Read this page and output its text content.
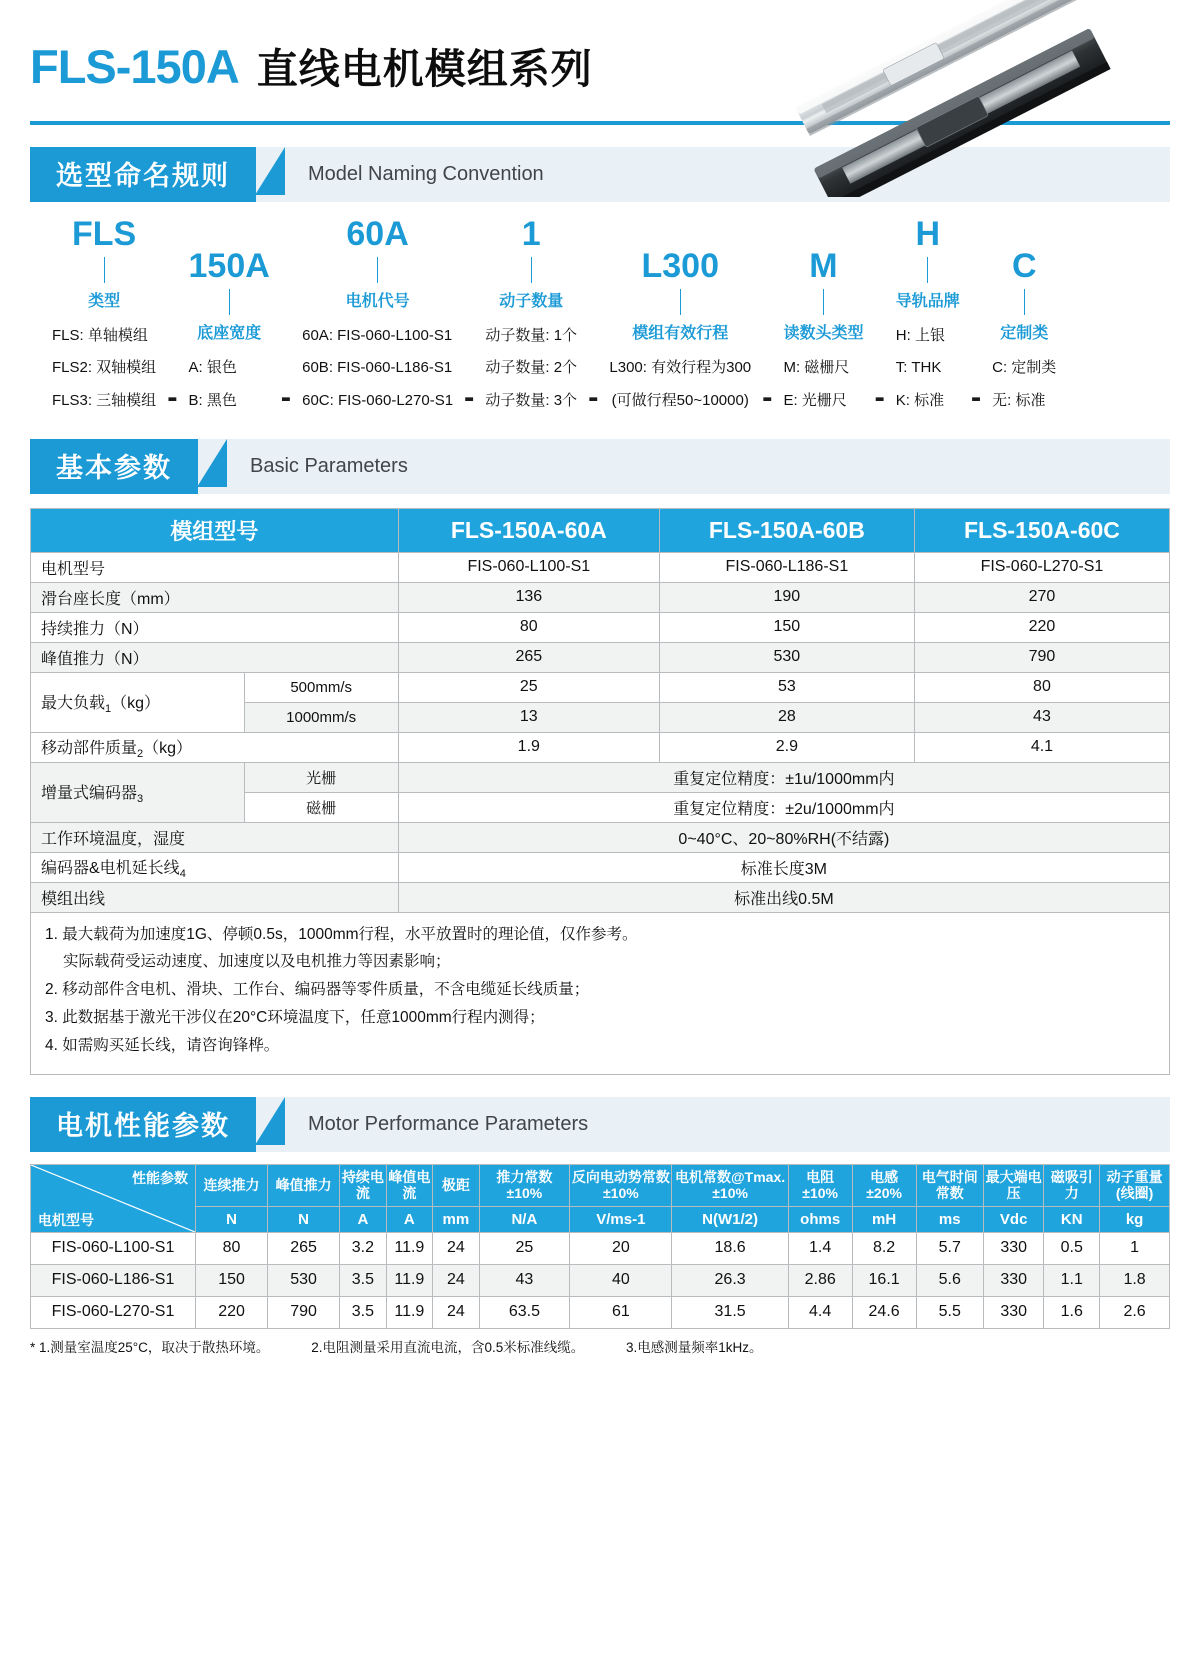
FLS-150A 直线电机模组系列
选型命名规则	Model Naming Convention
FLS
类型
FLS: 单轴模组
FLS2: 双轴模组
FLS3: 三轴模组 -
150A
底座宽度
A: 银色
B: 黑色	-
60A
电机代号
60A: FIS-060-L100-S1
60B: FIS-060-L186-S1
60C: FIS-060-L270-S1 -
1
动子数量
动子数量: 1个
动子数量: 2个
动子数量: 3个 -
L300
模组有效行程
L300: 有效行程为300
(可做行程50~10000) -
M
读数头类型
M: 磁栅尺
E: 光栅尺 -
H
导轨品牌
H: 上银
T: THK
K: 标准 -
C
定制类
C: 定制类
无: 标准
基本参数	Basic Parameters
模组型号		FLS-150A-60A	FLS-150A-60B	FLS-150A-60C
电机型号		FIS-060-L100-S1	FIS-060-L186-S1	FIS-060-L270-S1
滑台座长度（mm）		136	190	270
持续推力（N）		80	150	220
峰值推力（N）		265	530	790
最大负载$_1$（kg）	500mm/s	25	53	80
	1000mm/s	13	28	43
移动部件质量$_2$（kg）		1.9	2.9	4.1
增量式编码器$_3$	光栅	重复定位精度：±1u/1000mm内		
	磁栅	重复定位精度：±2u/1000mm内		
工作环境温度，湿度		0~40°C、20~80%RH(不结露)		
编码器&电机延长线$_4$		标准长度3M		
模组出线		标准出线0.5M		

1. 最大载荷为加速度1G、停顿0.5s，1000mm行程，水平放置时的理论值，仅作参考。

实际载荷受运动速度、加速度以及电机推力等因素影响；

2. 移动部件含电机、滑块、工作台、编码器等零件质量，不含电缆延长线质量；

3. 此数据基于激光干涉仪在20°C环境温度下，任意1000mm行程内测得；

4. 如需购买延长线，请咨询锋桦。

电机性能参数	Motor Performance Parameters
性能参数
电机型号	连续推力	峰值推力	持续电流	峰值电流	极距	推力常数±10%	反向电动势常数±10%	电机常数@Tmax.±10%	电阻±10%	电感±20%	电气时间常数	最大端电压	磁吸引力	动子重量(线圈)
	N	N	A	A	mm	N/A	V/ms-1	N(W1/2)	ohms	mH	ms	Vdc	KN	kg
FIS-060-L100-S1	80	265	3.2	11.9	24	25	20	18.6	1.4	8.2	5.7	330	0.5	1
FIS-060-L186-S1	150	530	3.5	11.9	24	43	40	26.3	2.86	16.1	5.6	330	1.1	1.8
FIS-060-L270-S1	220	790	3.5	11.9	24	63.5	61	31.5	4.4	24.6	5.5	330	1.6	2.6
* 1.测量室温度25°C，取决于散热环境。	2.电阻测量采用直流电流，含0.5米标准线缆。	3.电感测量频率1kHz。
